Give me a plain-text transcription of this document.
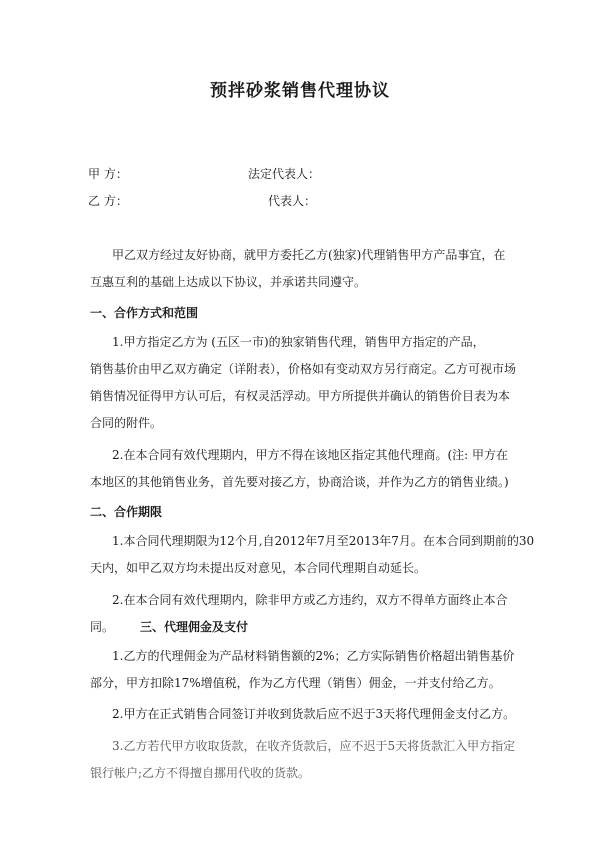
预拌砂浆销售代理协议
甲 方：	法定代表人：
乙 方：	代表人：
甲乙双方经过友好协商，就甲方委托乙方(独家)代理销售甲方产品事宜，在
互惠互利的基础上达成以下协议，并承诺共同遵守。
一、合作方式和范围
1.甲方指定乙方为 (五区一市)的独家销售代理，销售甲方指定的产品，
销售基价由甲乙双方确定（详附表），价格如有变动双方另行商定。乙方可视市场
销售情况征得甲方认可后，有权灵活浮动。甲方所提供并确认的销售价目表为本
合同的附件。
2.在本合同有效代理期内，甲方不得在该地区指定其他代理商。(注: 甲方在
本地区的其他销售业务，首先要对接乙方，协商洽谈，并作为乙方的销售业绩。)
二、合作期限
1.本合同代理期限为12个月,自2012年7月至2013年7月。在本合同到期前的30
天内，如甲乙双方均未提出反对意见，本合同代理期自动延长。
2.在本合同有效代理期内，除非甲方或乙方违约，双方不得单方面终止本合
同。 三、代理佣金及支付
1.乙方的代理佣金为产品材料销售额的2%；乙方实际销售价格超出销售基价
部分，甲方扣除17%增值税，作为乙方代理（销售）佣金，一并支付给乙方。
2.甲方在正式销售合同签订并收到货款后应不迟于3天将代理佣金支付乙方。
3.乙方若代甲方收取货款，在收齐货款后，应不迟于5天将货款汇入甲方指定
银行帐户;乙方不得擅自挪用代收的货款。
